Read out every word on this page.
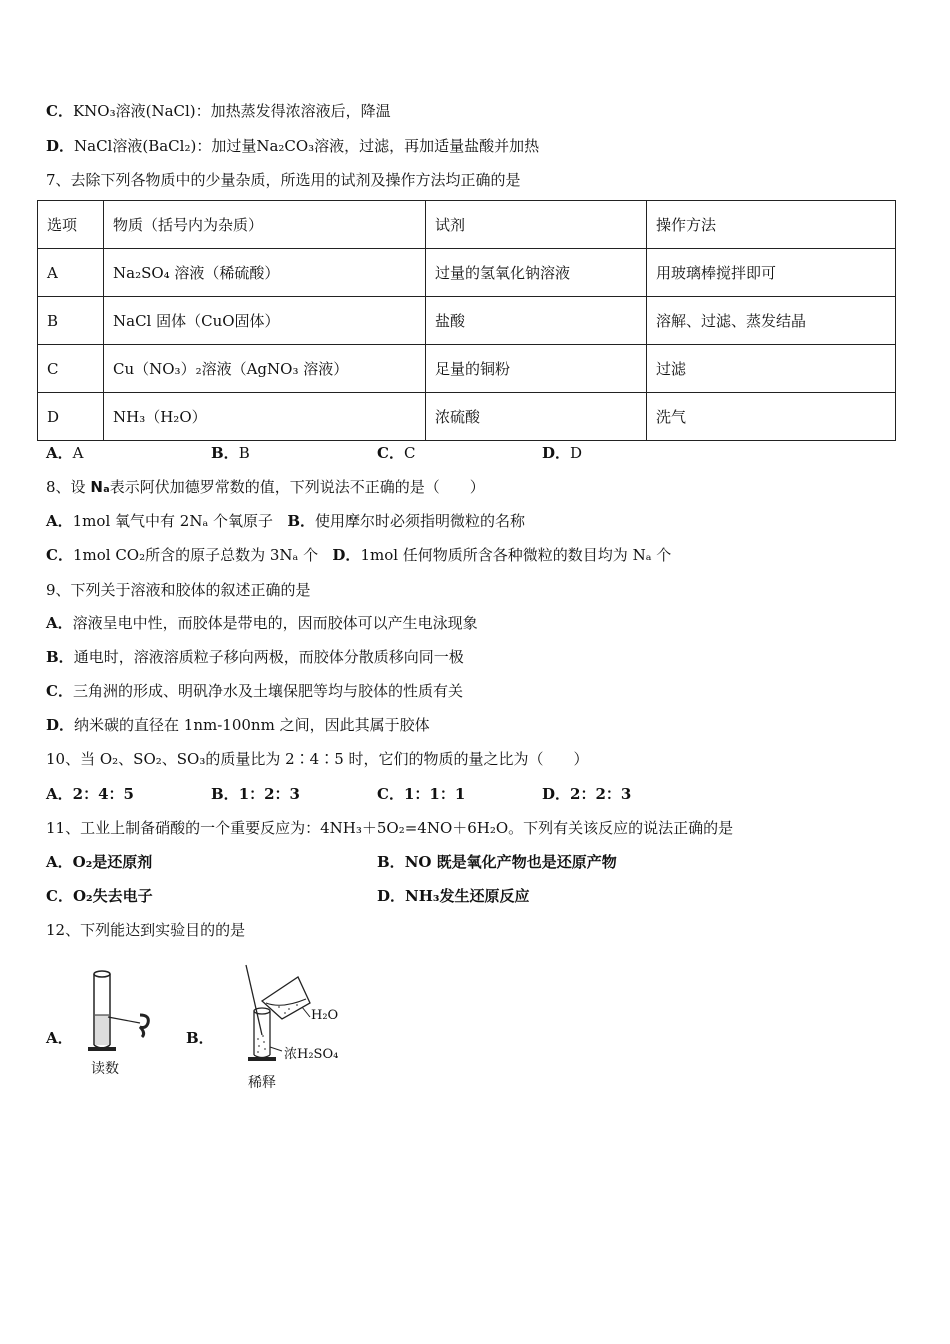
C．KNO₃溶液(NaCl)：加热蒸发得浓溶液后，降温
D．NaCl溶液(BaCl₂)：加过量Na₂CO₃溶液，过滤，再加适量盐酸并加热
7、去除下列各物质中的少量杂质，所选用的试剂及操作方法均正确的是
选项	物质（括号内为杂质）	试剂	操作方法
A	Na₂SO₄ 溶液（稀硫酸）	过量的氢氧化钠溶液	用玻璃棒搅拌即可
B	NaCl 固体（CuO固体）	盐酸	溶解、过滤、蒸发结晶
C	Cu（NO₃）₂溶液（AgNO₃ 溶液）	足量的铜粉	过滤
D	NH₃（H₂O）	浓硫酸	洗气
A．A	B．B	C．C	D．D
8、设 Nₐ表示阿伏加德罗常数的值，下列说法不正确的是（　　）
A．1mol 氧气中有 2Nₐ 个氧原子 B．使用摩尔时必须指明微粒的名称
C．1mol CO₂所含的原子总数为 3Nₐ 个 D．1mol 任何物质所含各种微粒的数目均为 Nₐ 个
9、下列关于溶液和胶体的叙述正确的是
A．溶液呈电中性，而胶体是带电的，因而胶体可以产生电泳现象
B．通电时，溶液溶质粒子移向两极，而胶体分散质移向同一极
C．三角洲的形成、明矾净水及土壤保肥等均与胶体的性质有关
D．纳米碳的直径在 1nm-100nm 之间，因此其属于胶体
10、当 O₂、SO₂、SO₃的质量比为 2∶4∶5 时，它们的物质的量之比为（　　）
A．2：4：5	B．1：2：3	C．1：1：1	D．2：2：3
11、工业上制备硝酸的一个重要反应为：4NH₃＋5O₂=4NO＋6H₂O。下列有关该反应的说法正确的是
A．O₂是还原剂	B．NO 既是氧化产物也是还原产物
C．O₂失去电子	D．NH₃发生还原反应
12、下列能达到实验目的的是
A．
读数
B．
H₂O
浓H₂SO₄
稀释
